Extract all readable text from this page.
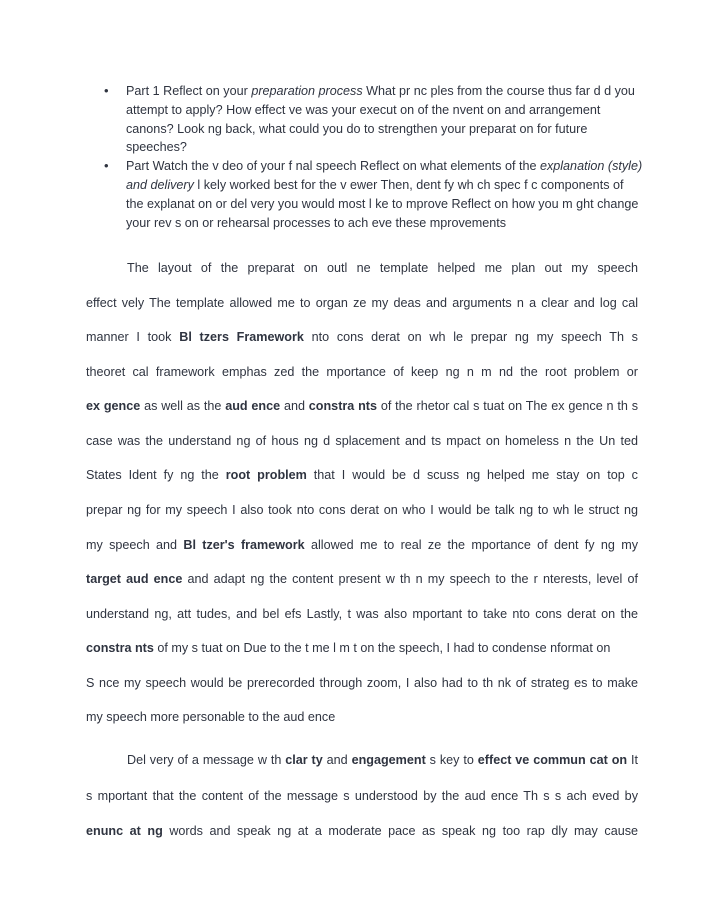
• Part 1 Reflect on your preparation process What pr nc ples from the course thus far d d you attempt to apply? How effect ve was your execut on of the nvent on and arrangement canons? Look ng back, what could you do to strengthen your preparat on for future speeches?
• Part Watch the v deo of your f nal speech Reflect on what elements of the explanation (style) and delivery l kely worked best for the v ewer Then, dent fy wh ch spec f c components of the explanat on or del very you would most l ke to mprove Reflect on how you m ght change your rev s on or rehearsal processes to ach eve these mprovements
The layout of the preparat on outl ne template helped me plan out my speech
effect vely The template allowed me to organ ze my deas and arguments n a clear and log cal
manner I took Bl tzers Framework nto cons derat on wh le prepar ng my speech Th s
theoret cal framework emphas zed the mportance of keep ng n m nd the root problem or
ex gence as well as the aud ence and constra nts of the rhetor cal s tuat on The ex gence n th s
case was the understand ng of hous ng d splacement and ts mpact on homeless n the Un ted
States Ident fy ng the root problem that I would be d scuss ng helped me stay on top c
prepar ng for my speech I also took nto cons derat on who I would be talk ng to wh le struct ng
my speech and Bl tzer's framework allowed me to real ze the mportance of dent fy ng my
target aud ence and adapt ng the content present w th n my speech to the r nterests, level of
understand ng, att tudes, and bel efs Lastly, t was also mportant to take nto cons derat on the
constra nts of my s tuat on Due to the t me l m t on the speech, I had to condense nformat on
S nce my speech would be prerecorded through zoom, I also had to th nk of strateg es to make
my speech more personable to the aud ence
Del very of a message w th clar ty and engagement s key to effect ve commun cat on It
s mportant that the content of the message s understood by the aud ence Th s s ach eved by
enunc at ng words and speak ng at a moderate pace as speak ng too rap dly may cause
